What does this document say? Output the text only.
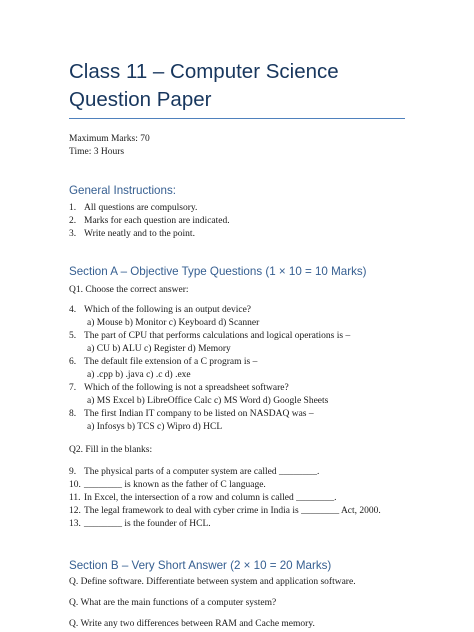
Class 11 – Computer Science Question Paper
Maximum Marks: 70
Time: 3 Hours
General Instructions:
1. All questions are compulsory.
2. Marks for each question are indicated.
3. Write neatly and to the point.
Section A – Objective Type Questions (1 × 10 = 10 Marks)
Q1. Choose the correct answer:
4. Which of the following is an output device?
a) Mouse b) Monitor c) Keyboard d) Scanner
5. The part of CPU that performs calculations and logical operations is –
a) CU b) ALU c) Register d) Memory
6. The default file extension of a C program is –
a) .cpp b) .java c) .c d) .exe
7. Which of the following is not a spreadsheet software?
a) MS Excel b) LibreOffice Calc c) MS Word d) Google Sheets
8. The first Indian IT company to be listed on NASDAQ was –
a) Infosys b) TCS c) Wipro d) HCL
Q2. Fill in the blanks:
9. The physical parts of a computer system are called ________.
10. ________ is known as the father of C language.
11. In Excel, the intersection of a row and column is called ________.
12. The legal framework to deal with cyber crime in India is ________ Act, 2000.
13. ________ is the founder of HCL.
Section B – Very Short Answer (2 × 10 = 20 Marks)
Q. Define software. Differentiate between system and application software.
Q. What are the main functions of a computer system?
Q. Write any two differences between RAM and Cache memory.
